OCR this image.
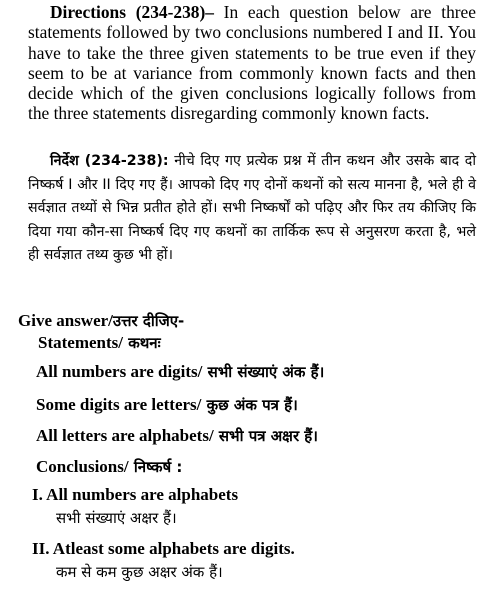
Directions (234-238)– In each question below are three statements followed by two conclusions numbered I and II. You have to take the three given statements to be true even if they seem to be at variance from commonly known facts and then decide which of the given conclusions logically follows from the three statements disregarding commonly known facts.
निर्देश (234-238): नीचे दिए गए प्रत्येक प्रश्न में तीन कथन और उसके बाद दो निष्कर्ष I और II दिए गए हैं। आपको दिए गए दोनों कथनों को सत्य मानना है, भले ही वे सर्वज्ञात तथ्यों से भिन्न प्रतीत होते हों। सभी निष्कर्षों को पढ़िए और फिर तय कीजिए कि दिया गया कौन-सा निष्कर्ष दिए गए कथनों का तार्किक रूप से अनुसरण करता है, भले ही सर्वज्ञात तथ्य कुछ भी हों।
Give answer/उत्तर दीजिए-
Statements/ कथनः
All numbers are digits/ सभी संख्याएं अंक हैं।
Some digits are letters/ कुछ अंक पत्र हैं।
All letters are alphabets/ सभी पत्र अक्षर हैं।
Conclusions/ निष्कर्ष :
I. All numbers are alphabets
सभी संख्याएं अक्षर हैं।
II. Atleast some alphabets are digits.
कम से कम कुछ अक्षर अंक हैं।
